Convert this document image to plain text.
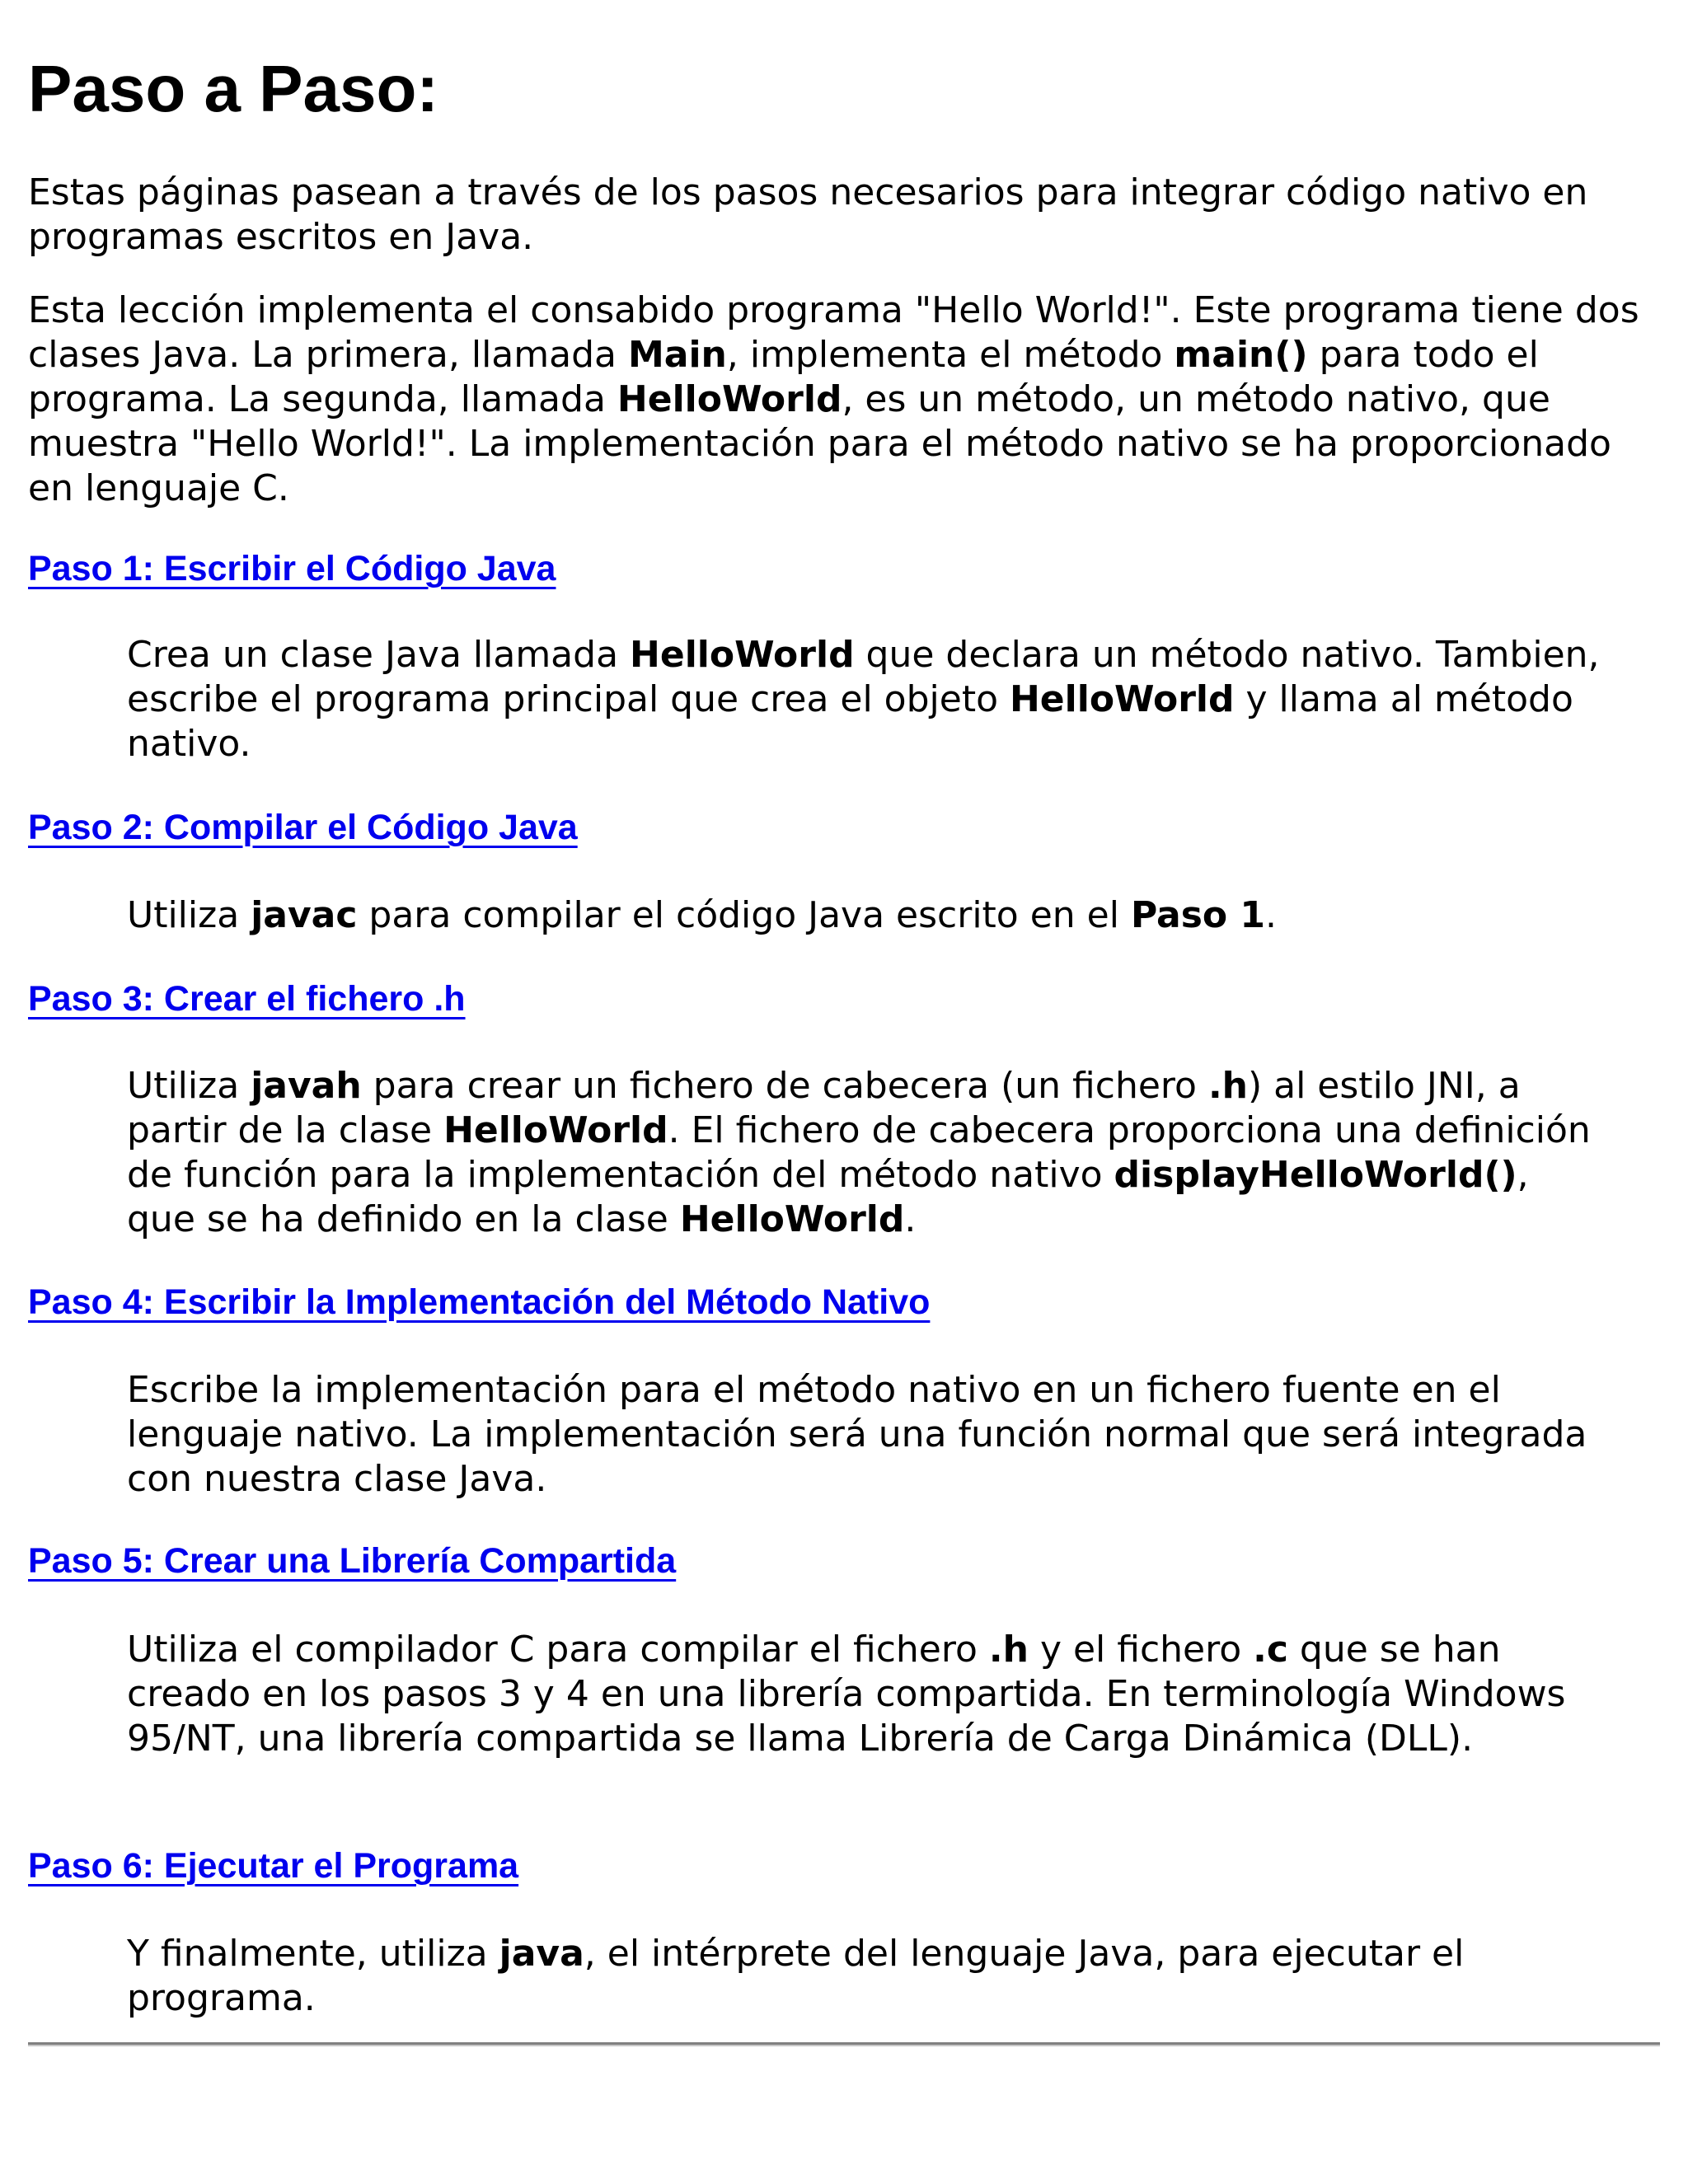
Paso a Paso:

Estas páginas pasean a través de los pasos necesarios para integrar código nativo en programas escritos en Java.

Esta lección implementa el consabido programa "Hello World!". Este programa tiene dos clases Java. La primera, llamada Main, implementa el método main() para todo el programa. La segunda, llamada HelloWorld, es un método, un método nativo, que muestra "Hello World!". La implementación para el método nativo se ha proporcionado en lenguaje C.

Paso 1: Escribir el Código Java

Crea un clase Java llamada HelloWorld que declara un método nativo. Tambien, escribe el programa principal que crea el objeto HelloWorld y llama al método nativo.

Paso 2: Compilar el Código Java

Utiliza javac para compilar el código Java escrito en el Paso 1.

Paso 3: Crear el fichero .h

Utiliza javah para crear un fichero de cabecera (un fichero .h) al estilo JNI, a partir de la clase HelloWorld. El fichero de cabecera proporciona una definición de función para la implementación del método nativo displayHelloWorld(), que se ha definido en la clase HelloWorld.

Paso 4: Escribir la Implementación del Método Nativo

Escribe la implementación para el método nativo en un fichero fuente en el lenguaje nativo. La implementación será una función normal que será integrada con nuestra clase Java.

Paso 5: Crear una Librería Compartida

Utiliza el compilador C para compilar el fichero .h y el fichero .c que se han creado en los pasos 3 y 4 en una librería compartida. En terminología Windows 95/NT, una librería compartida se llama Librería de Carga Dinámica (DLL).

Paso 6: Ejecutar el Programa

Y finalmente, utiliza java, el intérprete del lenguaje Java, para ejecutar el programa.
